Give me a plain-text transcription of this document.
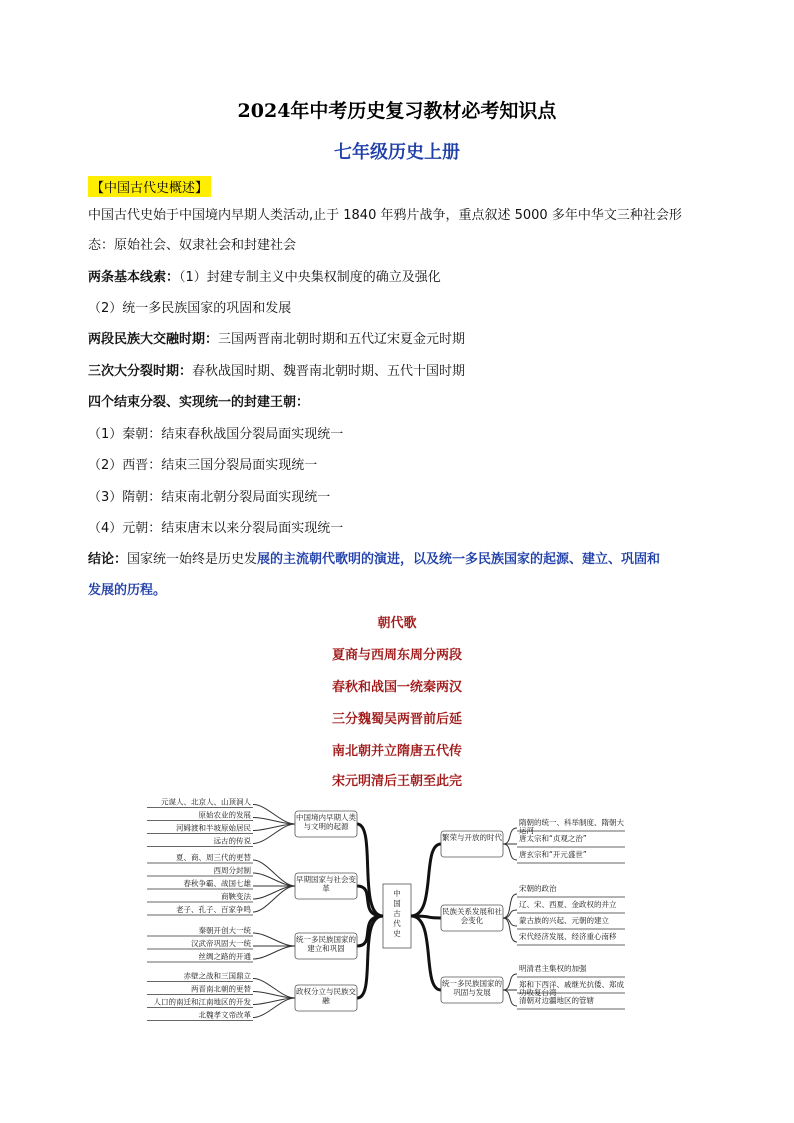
2024年中考历史复习教材必考知识点
七年级历史上册
【中国古代史概述】
中国古代史始于中国境内早期人类活动,止于 1840 年鸦片战争，重点叙述 5000 多年中华文三种社会形
态：原始社会、奴隶社会和封建社会
两条基本线索：（1）封建专制主义中央集权制度的确立及强化
（2）统一多民族国家的巩固和发展
两段民族大交融时期：三国两晋南北朝时期和五代辽宋夏金元时期
三次大分裂时期：春秋战国时期、魏晋南北朝时期、五代十国时期
四个结束分裂、实现统一的封建王朝：
（1）秦朝：结束春秋战国分裂局面实现统一
（2）西晋：结束三国分裂局面实现统一
（3）隋朝：结束南北朝分裂局面实现统一
（4）元朝：结束唐末以来分裂局面实现统一
结论：国家统一始终是历史发展的主流朝代歌明的演进，以及统一多民族国家的起源、建立、巩固和
发展的历程。
朝代歌
夏商与西周东周分两段
春秋和战国一统秦两汉
三分魏蜀吴两晋前后延
南北朝并立隋唐五代传
宋元明清后王朝至此完
中国古代史
中国境内早期人类与文明的起源
元谋人、北京人、山顶洞人
原始农业的发展
河姆渡和半坡原始居民
远古的传说
早期国家与社会变革
夏、商、周三代的更替
西周分封制
春秋争霸、战国七雄
商鞅变法
老子、孔子、百家争鸣
统一多民族国家的建立和巩固
秦朝开创大一统
汉武帝巩固大一统
丝绸之路的开通
政权分立与民族交融
赤壁之战和三国鼎立
两晋南北朝的更替
人口的南迁和江南地区的开发
北魏孝文帝改革
繁荣与开放的时代
隋朝的统一、科举制度、隋朝大运河
唐太宗和“贞观之治”
唐玄宗和“开元盛世”
民族关系发展和社会变化
宋朝的政治
辽、宋、西夏、金政权的并立
蒙古族的兴起、元朝的建立
宋代经济发展、经济重心南移
统一多民族国家的巩固与发展
明清君主集权的加强
郑和下西洋、戚继光抗倭、郑成功收复台湾
清朝对边疆地区的管辖
